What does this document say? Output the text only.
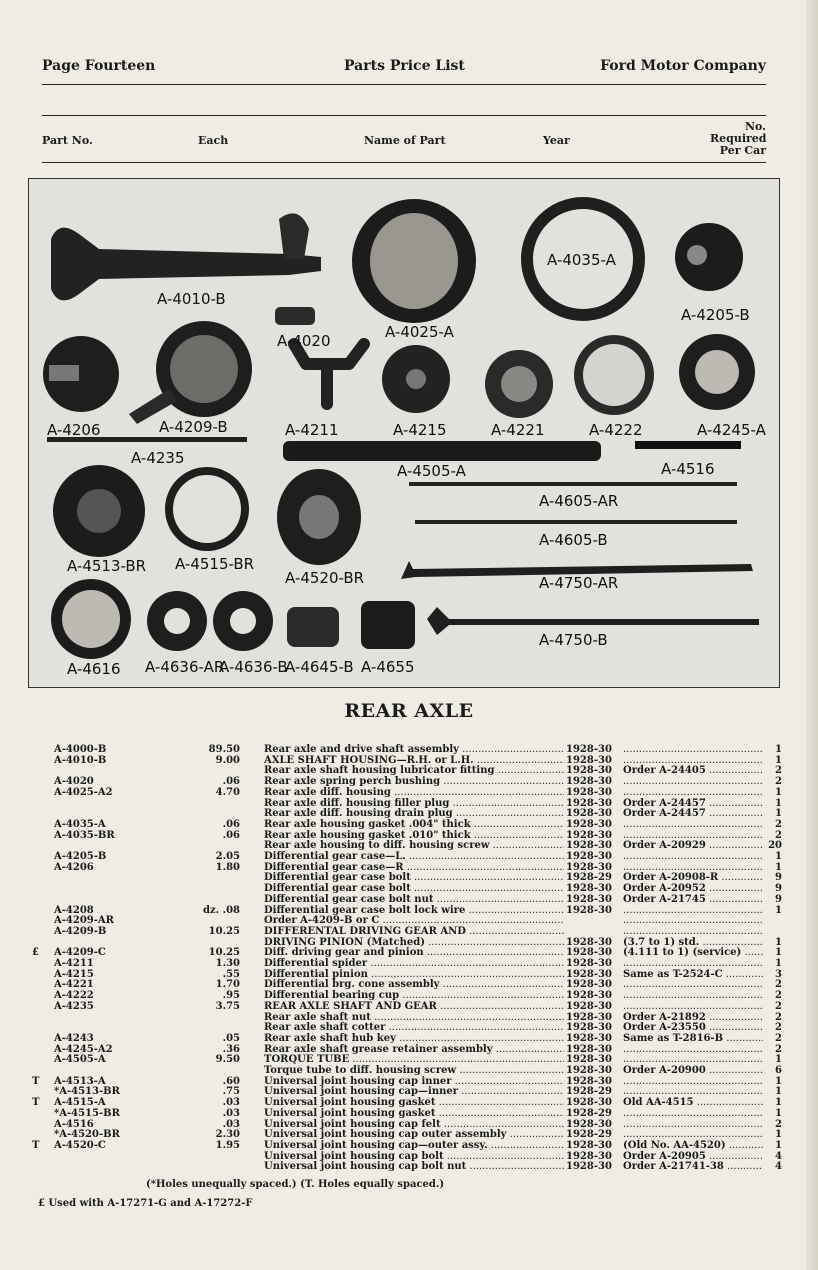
Page Fourteen	Parts Price List	Ford Motor Company
Part No.	Each	Name of Part	Year
No.
Required
Per Car
A-4010-B
A-4020	A-4025-A
A-4035-A
A-4205-B
A-4206	A-4209-B	A-4211	A-4215	A-4221	A-4222	A-4245-A
A-4235
A-4505-A	A-4516
A-4605-AR
A-4605-B
A-4513-BR A-4515-BR
A-4520-BR	A-4750-AR
A-4750-B
A-4616 A-4636-AR
A-4636-B
A-4645-B A-4655
REAR AXLE
A-4000-B	89.50 Rear axle and drive shaft assembly .....	1928-30 .....	1
A-4010-B	9.00 AXLE SHAFT HOUSING—R.H. or L.H. .....	1928-30 .....	1
Rear axle shaft housing lubricator fitting .....	1928-30 Order A-24405 .....	2
A-4020	.06 Rear axle spring perch bushing .....	1928-30 .....	2
A-4025-A2	4.70 Rear axle diff. housing .....	1928-30 .....	1
Rear axle diff. housing filler plug .....	1928-30 Order A-24457 .....	1
Rear axle diff. housing drain plug .....	1928-30 Order A-24457 .....	1
A-4035-A	.06 Rear axle housing gasket .004" thick .....	1928-30 .....	2
A-4035-BR	.06 Rear axle housing gasket .010" thick .....	1928-30 .....	2
Rear axle housing to diff. housing screw .....	1928-30 Order A-20929 .....	20
A-4205-B	2.05 Differential gear case—L. .....	1928-30 .....	1
A-4206	1.80 Differential gear case—R .....	1928-30 .....	1
Differential gear case bolt .....	1928-29 Order A-20908-R .....	9
Differential gear case bolt .....	1928-30 Order A-20952 .....	9
Differential gear case bolt nut .....	1928-30 Order A-21745 .....	9
A-4208	dz. .08 Differential gear case bolt lock wire .....	1928-30 .....	1
A-4209-AR	Order A-4209-B or C .....
.....
A-4209-B	10.25 DIFFERENTAL DRIVING GEAR AND .....
.....
DRIVING PINION (Matched) .....	1928-30 (3.7 to 1) std. .....	1
£ A-4209-C	10.25 Diff. driving gear and pinion .....	1928-30 (4.111 to 1) (service) .....	1
A-4211	1.30 Differential spider .....	1928-30 .....	1
A-4215	.55 Differential pinion .....	1928-30 Same as T-2524-C .....	3
A-4221	1.70 Differential brg. cone assembly .....	1928-30 .....	2
A-4222	.95 Differential bearing cup .....	1928-30 .....	2
A-4235	3.75 REAR AXLE SHAFT AND GEAR .....	1928-30 .....	2
Rear axle shaft nut .....	1928-30 Order A-21892 .....	2
Rear axle shaft cotter .....	1928-30 Order A-23550 .....	2
A-4243	.05 Rear axle shaft hub key .....	1928-30 Same as T-2816-B .....	2
A-4245-A2	.36 Rear axle shaft grease retainer assembly .....	1928-30 .....	2
A-4505-A	9.50 TORQUE TUBE .....	1928-30 .....	1
Torque tube to diff. housing screw .....	1928-30 Order A-20900 .....	6
T A-4513-A	.60 Universal joint housing cap inner .....	1928-30 .....	1
*A-4513-BR	.75 Universal joint housing cap—inner .....	1928-29 .....	1
T A-4515-A	.03 Universal joint housing gasket .....	1928-30 Old AA-4515 .....	1
*A-4515-BR	.03 Universal joint housing gasket .....	1928-29 .....	1
A-4516	.03 Universal joint housing cap felt .....	1928-30 .....	2
*A-4520-BR	2.30 Universal joint housing cap outer assembly .....	1928-29 .....	1
T A-4520-C	1.95 Universal joint housing cap—outer assy. .....	1928-30 (Old No. AA-4520) .....	1
Universal joint housing cap bolt .....	1928-30 Order A-20905 .....	4
Universal joint housing cap bolt nut .....	1928-30 Order A-21741-38 .....	4
(*Holes unequally spaced.) (T. Holes equally spaced.)
£ Used with A-17271-G and A-17272-F
